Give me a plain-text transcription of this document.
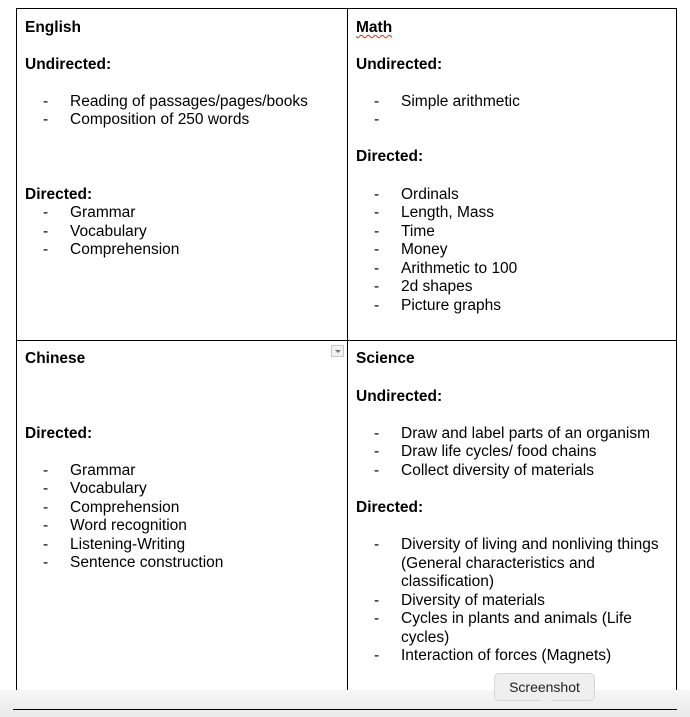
English
Undirected:
- Reading of passages/pages/books
- Composition of 250 words
Directed:
- Grammar
- Vocabulary
- Comprehension
Math
Undirected:
- Simple arithmetic
-
Directed:
- Ordinals
- Length, Mass
- Time
- Money
- Arithmetic to 100
- 2d shapes
- Picture graphs
Chinese
Directed:
- Grammar
- Vocabulary
- Comprehension
- Word recognition
- Listening-Writing
- Sentence construction
Science
Undirected:
- Draw and label parts of an organism
- Draw life cycles/ food chains
- Collect diversity of materials
Directed:
- Diversity of living and nonliving things (General characteristics and classification)
- Diversity of materials
- Cycles in plants and animals (Life cycles)
- Interaction of forces (Magnets)
Screenshot
